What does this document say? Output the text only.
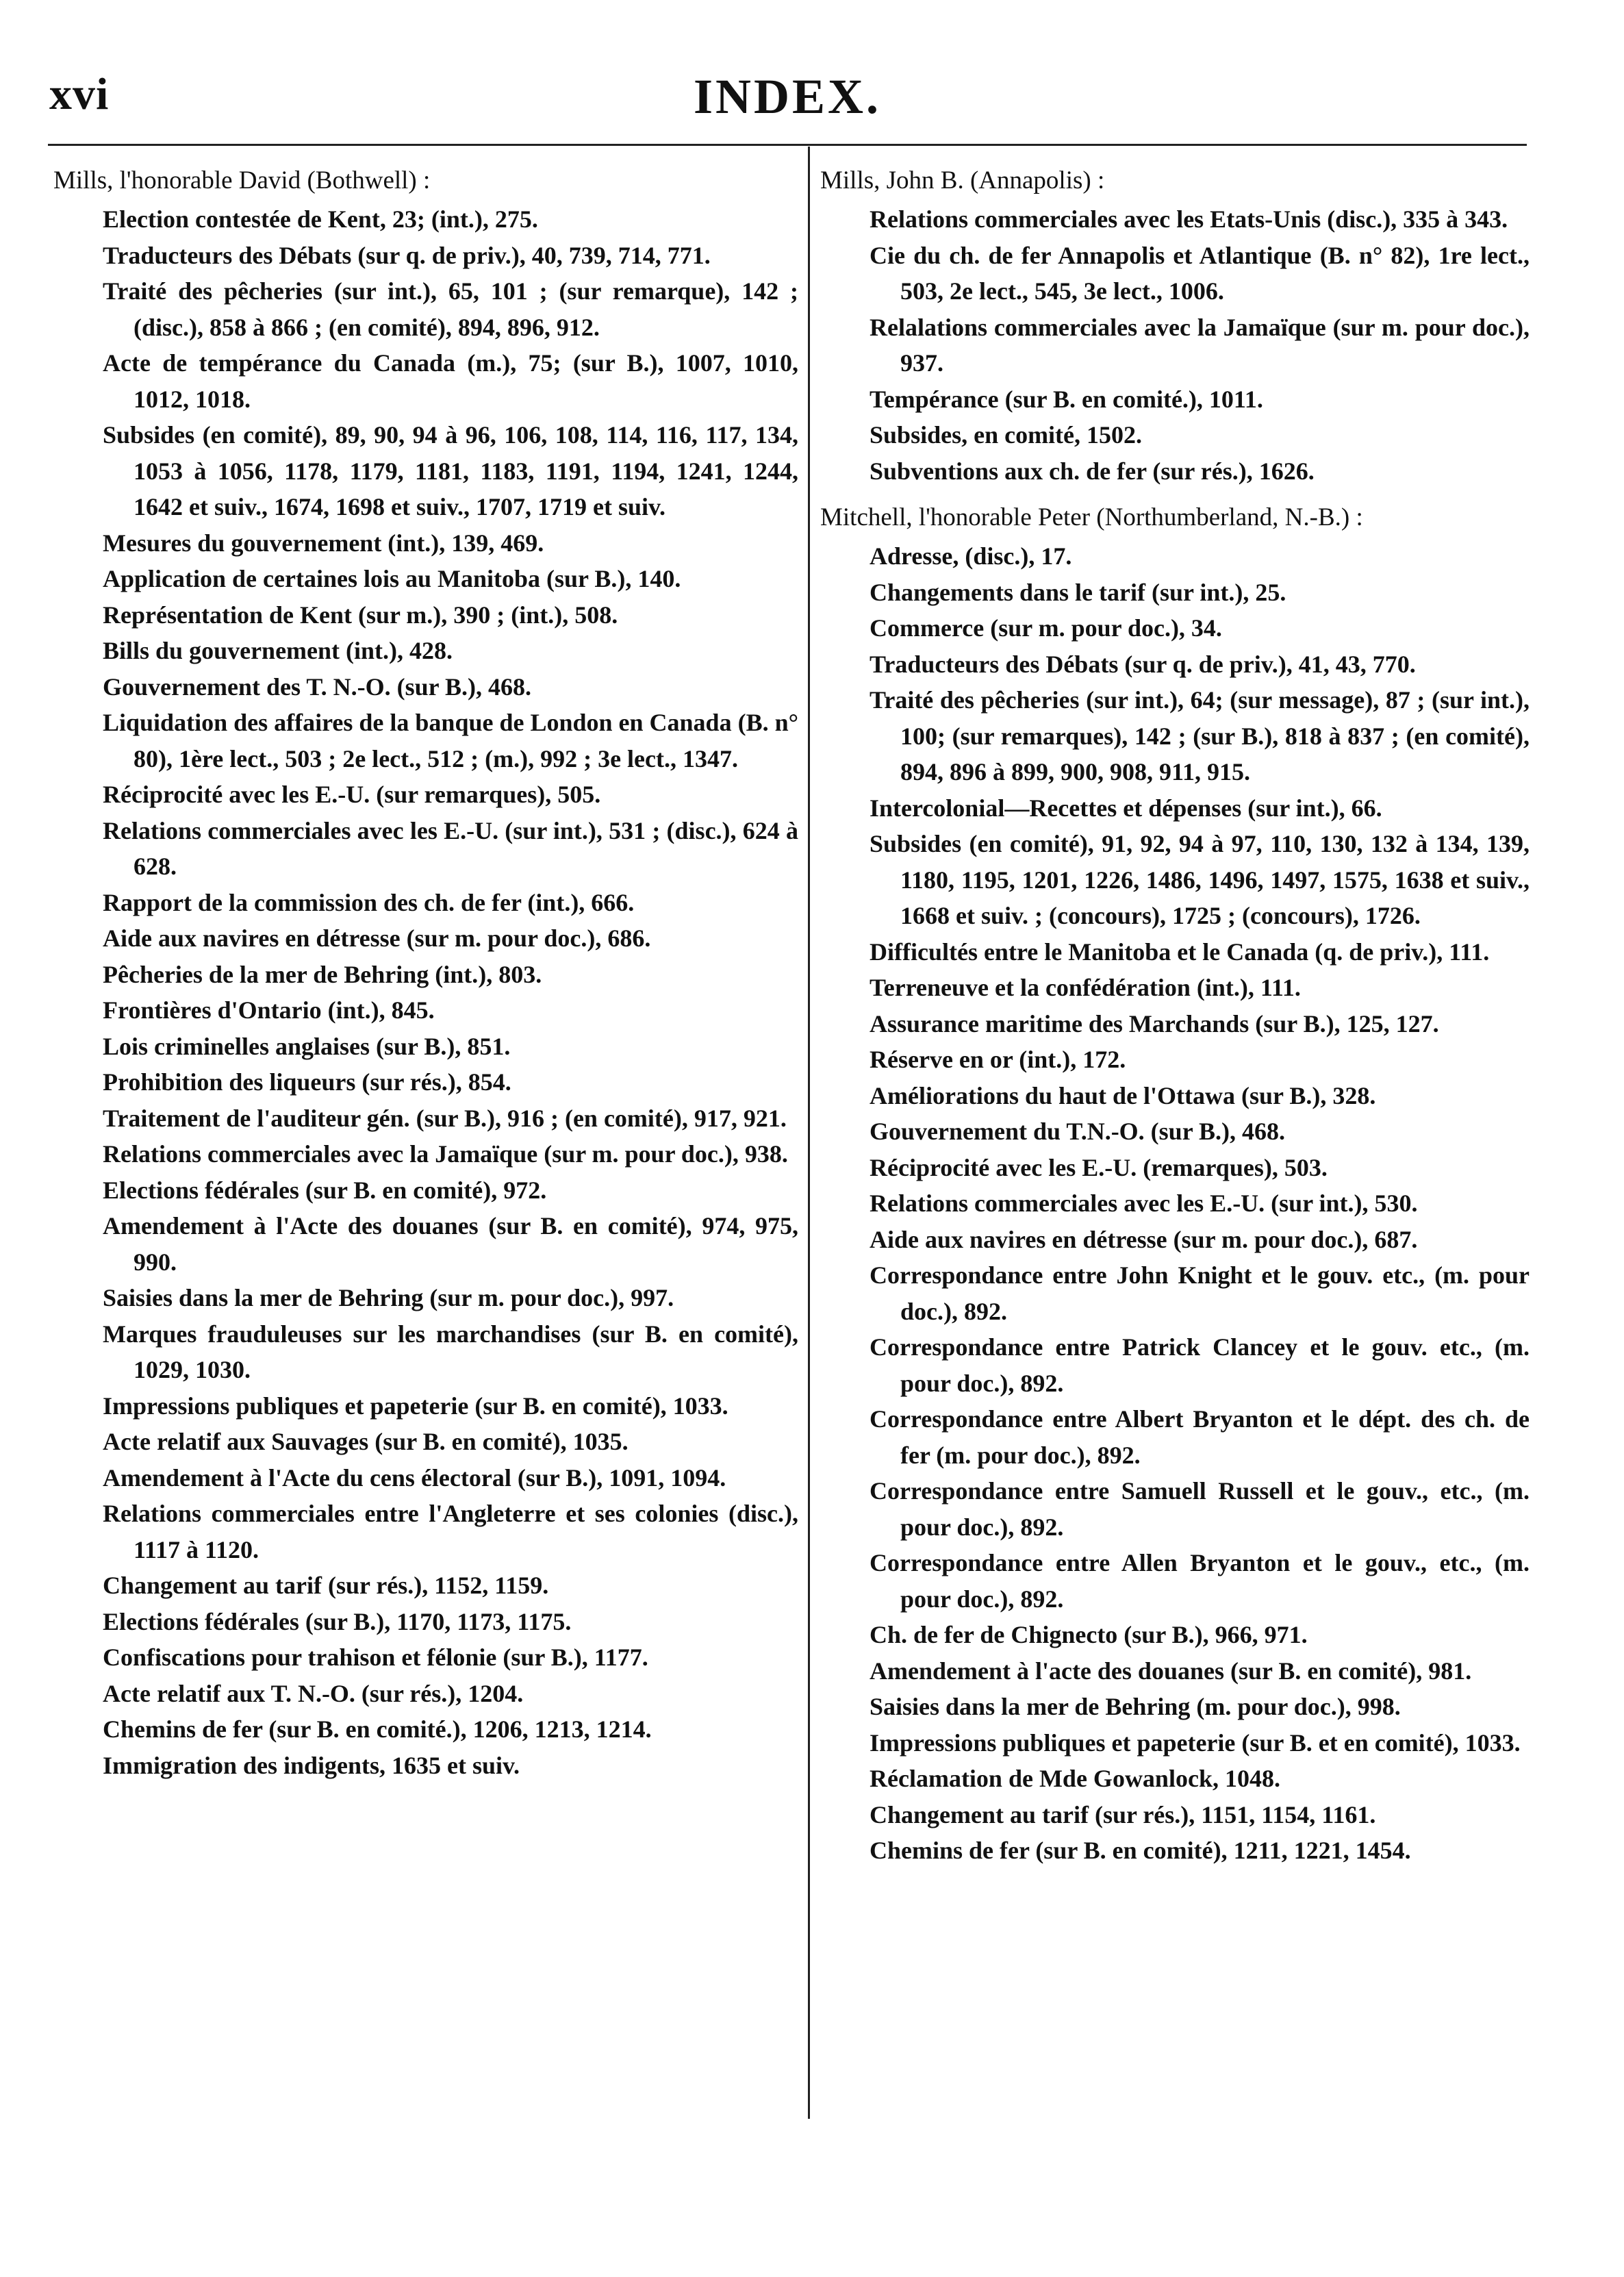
xvi	INDEX.

Mills, l'honorable David (Bothwell) :

Election contestée de Kent, 23; (int.), 275.
Traducteurs des Débats (sur q. de priv.), 40, 739, 714, 771.
Traité des pêcheries (sur int.), 65, 101 ; (sur remarque), 142 ; (disc.), 858 à 866 ; (en comité), 894, 896, 912.
Acte de tempérance du Canada (m.), 75; (sur B.), 1007, 1010, 1012, 1018.
Subsides (en comité), 89, 90, 94 à 96, 106, 108, 114, 116, 117, 134, 1053 à 1056, 1178, 1179, 1181, 1183, 1191, 1194, 1241, 1244, 1642 et suiv., 1674, 1698 et suiv., 1707, 1719 et suiv.
Mesures du gouvernement (int.), 139, 469.
Application de certaines lois au Manitoba (sur B.), 140.
Représentation de Kent (sur m.), 390 ; (int.), 508.
Bills du gouvernement (int.), 428.
Gouvernement des T. N.-O. (sur B.), 468.
Liquidation des affaires de la banque de London en Canada (B. n° 80), 1ère lect., 503 ; 2e lect., 512 ; (m.), 992 ; 3e lect., 1347.
Réciprocité avec les E.-U. (sur remarques), 505.
Relations commerciales avec les E.-U. (sur int.), 531 ; (disc.), 624 à 628.
Rapport de la commission des ch. de fer (int.), 666.
Aide aux navires en détresse (sur m. pour doc.), 686.
Pêcheries de la mer de Behring (int.), 803.
Frontières d'Ontario (int.), 845.
Lois criminelles anglaises (sur B.), 851.
Prohibition des liqueurs (sur rés.), 854.
Traitement de l'auditeur gén. (sur B.), 916 ; (en comité), 917, 921.
Relations commerciales avec la Jamaïque (sur m. pour doc.), 938.
Elections fédérales (sur B. en comité), 972.
Amendement à l'Acte des douanes (sur B. en comité), 974, 975, 990.
Saisies dans la mer de Behring (sur m. pour doc.), 997.
Marques frauduleuses sur les marchandises (sur B. en comité), 1029, 1030.
Impressions publiques et papeterie (sur B. en comité), 1033.
Acte relatif aux Sauvages (sur B. en comité), 1035.
Amendement à l'Acte du cens électoral (sur B.), 1091, 1094.
Relations commerciales entre l'Angleterre et ses colonies (disc.), 1117 à 1120.
Changement au tarif (sur rés.), 1152, 1159.
Elections fédérales (sur B.), 1170, 1173, 1175.
Confiscations pour trahison et félonie (sur B.), 1177.
Acte relatif aux T. N.-O. (sur rés.), 1204.
Chemins de fer (sur B. en comité.), 1206, 1213, 1214.
Immigration des indigents, 1635 et suiv.

Mills, John B. (Annapolis) :

Relations commerciales avec les Etats-Unis (disc.), 335 à 343.
Cie du ch. de fer Annapolis et Atlantique (B. n° 82), 1re lect., 503, 2e lect., 545, 3e lect., 1006.
Relalations commerciales avec la Jamaïque (sur m. pour doc.), 937.
Tempérance (sur B. en comité.), 1011.
Subsides, en comité, 1502.
Subventions aux ch. de fer (sur rés.), 1626.

Mitchell, l'honorable Peter (Northumberland, N.-B.) :

Adresse, (disc.), 17.
Changements dans le tarif (sur int.), 25.
Commerce (sur m. pour doc.), 34.
Traducteurs des Débats (sur q. de priv.), 41, 43, 770.
Traité des pêcheries (sur int.), 64; (sur message), 87 ; (sur int.), 100; (sur remarques), 142 ; (sur B.), 818 à 837 ; (en comité), 894, 896 à 899, 900, 908, 911, 915.
Intercolonial—Recettes et dépenses (sur int.), 66.
Subsides (en comité), 91, 92, 94 à 97, 110, 130, 132 à 134, 139, 1180, 1195, 1201, 1226, 1486, 1496, 1497, 1575, 1638 et suiv., 1668 et suiv. ; (concours), 1725 ; (concours), 1726.
Difficultés entre le Manitoba et le Canada (q. de priv.), 111.
Terreneuve et la confédération (int.), 111.
Assurance maritime des Marchands (sur B.), 125, 127.
Réserve en or (int.), 172.
Améliorations du haut de l'Ottawa (sur B.), 328.
Gouvernement du T.N.-O. (sur B.), 468.
Réciprocité avec les E.-U. (remarques), 503.
Relations commerciales avec les E.-U. (sur int.), 530.
Aide aux navires en détresse (sur m. pour doc.), 687.
Correspondance entre John Knight et le gouv. etc., (m. pour doc.), 892.
Correspondance entre Patrick Clancey et le gouv. etc., (m. pour doc.), 892.
Correspondance entre Albert Bryanton et le dépt. des ch. de fer (m. pour doc.), 892.
Correspondance entre Samuell Russell et le gouv., etc., (m. pour doc.), 892.
Correspondance entre Allen Bryanton et le gouv., etc., (m. pour doc.), 892.
Ch. de fer de Chignecto (sur B.), 966, 971.
Amendement à l'acte des douanes (sur B. en comité), 981.
Saisies dans la mer de Behring (m. pour doc.), 998.
Impressions publiques et papeterie (sur B. et en comité), 1033.
Réclamation de Mde Gowanlock, 1048.
Changement au tarif (sur rés.), 1151, 1154, 1161.
Chemins de fer (sur B. en comité), 1211, 1221, 1454.
